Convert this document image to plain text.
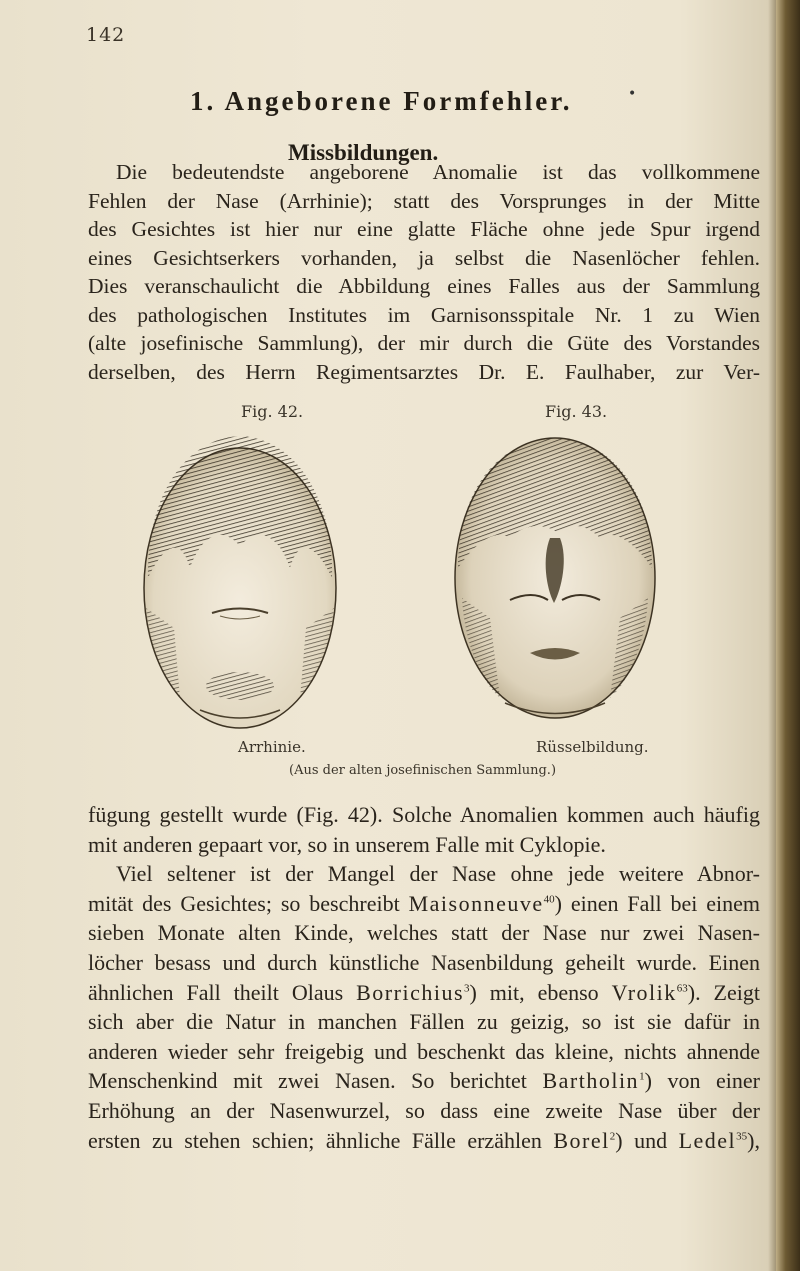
142
1. Angeborene Formfehler.	•
Missbildungen.
Die bedeutendste angeborene Anomalie ist das vollkommene
Fehlen der Nase (Arrhinie); statt des Vorsprunges in der Mitte
des Gesichtes ist hier nur eine glatte Fläche ohne jede Spur irgend
eines Gesichtserkers vorhanden, ja selbst die Nasenlöcher fehlen.
Dies veranschaulicht die Abbildung eines Falles aus der Sammlung
des pathologischen Institutes im Garnisonsspitale Nr. 1 zu Wien
(alte josefinische Sammlung), der mir durch die Güte des Vorstandes
derselben, des Herrn Regimentsarztes Dr. E. Faulhaber, zur Ver-
Fig. 42.	Fig. 43.
Arrhinie.	Rüsselbildung.
(Aus der alten josefinischen Sammlung.)
fügung gestellt wurde (Fig. 42). Solche Anomalien kommen auch häufig
mit anderen gepaart vor, so in unserem Falle mit Cyklopie.
Viel seltener ist der Mangel der Nase ohne jede weitere Abnor-
mität des Gesichtes; so beschreibt Maisonneuve$^{40}$) einen Fall bei einem
sieben Monate alten Kinde, welches statt der Nase nur zwei Nasen-
löcher besass und durch künstliche Nasenbildung geheilt wurde. Einen
ähnlichen Fall theilt Olaus Borrichius$^3$) mit, ebenso Vrolik$^{63}$). Zeigt
sich aber die Natur in manchen Fällen zu geizig, so ist sie dafür in
anderen wieder sehr freigebig und beschenkt das kleine, nichts ahnende
Menschenkind mit zwei Nasen. So berichtet Bartholin$^1$) von einer
Erhöhung an der Nasenwurzel, so dass eine zweite Nase über der
ersten zu stehen schien; ähnliche Fälle erzählen Borel$^2$) und Ledel$^{35}$),
